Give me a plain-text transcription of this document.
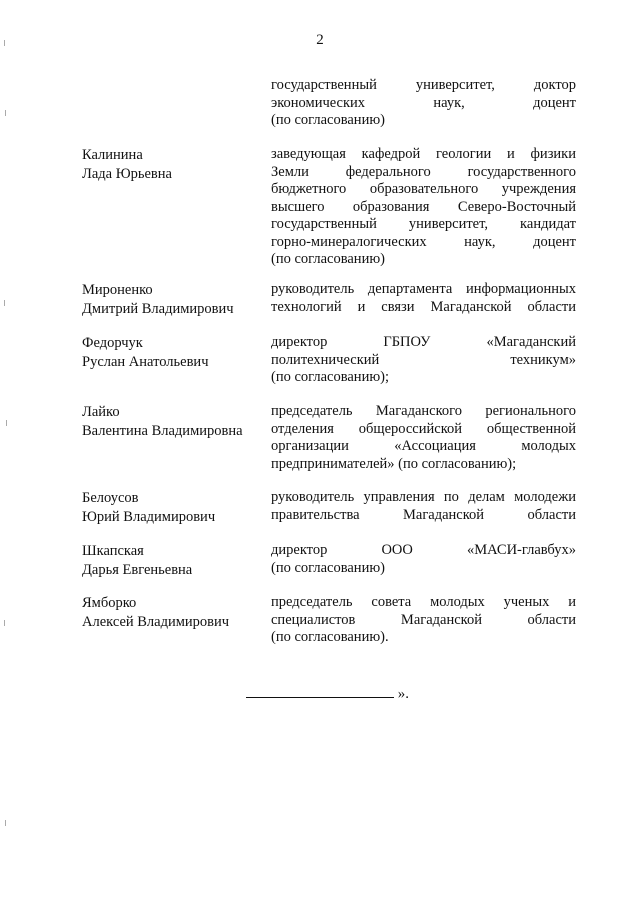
2
государственный университет, доктор
экономических наук, доцент
(по согласованию)
Калинина
Лада Юрьевна
заведующая кафедрой геологии и физики
Земли федерального государственного
бюджетного образовательного учреждения
высшего образования Северо-Восточный
государственный университет, кандидат
горно-минералогических наук, доцент
(по согласованию)
Мироненко
Дмитрий Владимирович
руководитель департамента информационных
технологий и связи Магаданской области
Федорчук
Руслан Анатольевич
директор ГБПОУ «Магаданский
политехнический техникум»
(по согласованию);
Лайко
Валентина Владимировна
председатель Магаданского регионального
отделения общероссийской общественной
организации «Ассоциация молодых
предпринимателей» (по согласованию);
Белоусов
Юрий Владимирович
руководитель управления по делам молодежи
правительства Магаданской области
Шкапская
Дарья Евгеньевна
директор ООО «МАСИ-главбух»
(по согласованию)
Ямборко
Алексей Владимирович
председатель совета молодых ученых и
специалистов Магаданской области
(по согласованию).
».
